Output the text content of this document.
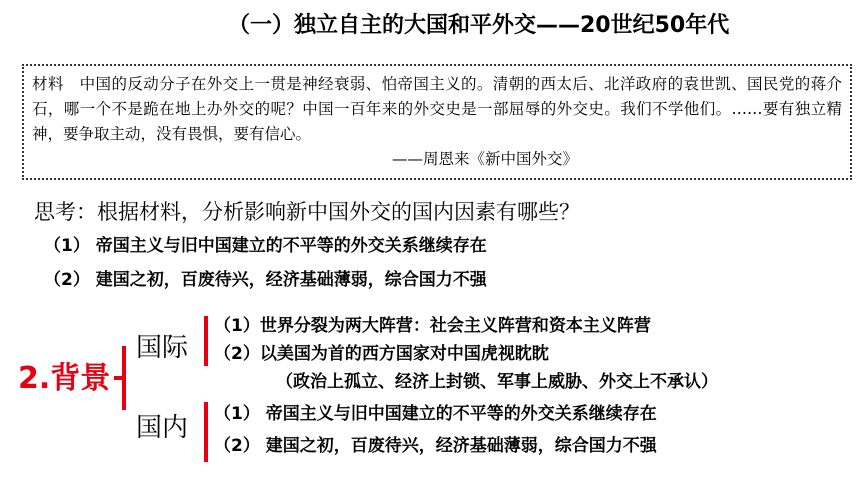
（一）独立自主的大国和平外交——20世纪50年代
材料　中国的反动分子在外交上一贯是神经衰弱、怕帝国主义的。清朝的西太后、北洋政府的袁世凯、国民党的蒋介石，哪一个不是跪在地上办外交的呢？中国一百年来的外交史是一部屈辱的外交史。我们不学他们。……要有独立精神，要争取主动，没有畏惧，要有信心。
——周恩来《新中国外交》
思考：根据材料，分析影响新中国外交的国内因素有哪些？
（1） 帝国主义与旧中国建立的不平等的外交关系继续存在
（2） 建国之初，百废待兴，经济基础薄弱，综合国力不强
2.背景
国际
国内
（1）世界分裂为两大阵营：社会主义阵营和资本主义阵营
（2）以美国为首的西方国家对中国虎视眈眈
（政治上孤立、经济上封锁、军事上威胁、外交上不承认）
（1） 帝国主义与旧中国建立的不平等的外交关系继续存在
（2） 建国之初，百废待兴，经济基础薄弱，综合国力不强
